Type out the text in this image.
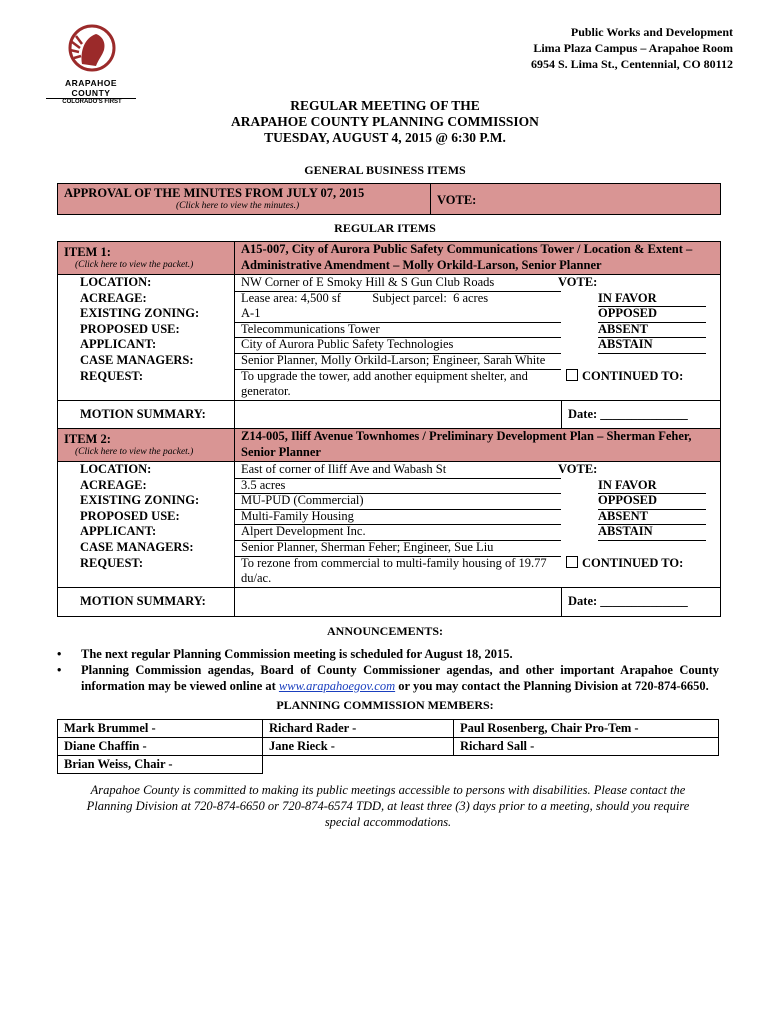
ARAPAHOE COUNTY
COLORADO'S FIRST
Public Works and Development
Lima Plaza Campus – Arapahoe Room
6954 S. Lima St., Centennial, CO 80112
REGULAR MEETING OF THE
ARAPAHOE COUNTY PLANNING COMMISSION
TUESDAY, AUGUST 4, 2015 @ 6:30 P.M.
GENERAL BUSINESS ITEMS
APPROVAL OF THE MINUTES FROM JULY 07, 2015
(Click here to view the minutes.)	VOTE:
REGULAR ITEMS
ITEM 1:
(Click here to view the packet.)
A15-007, City of Aurora Public Safety Communications Tower / Location & Extent – Administrative Amendment – Molly Orkild-Larson, Senior Planner
LOCATION:	NW Corner of E Smoky Hill & S Gun Club Roads	VOTE:
ACREAGE:	Lease area: 4,500 sf          Subject parcel:  6 acres	IN FAVOR
EXISTING ZONING:	A-1	OPPOSED
PROPOSED USE:	Telecommunications Tower	ABSENT
APPLICANT:	City of Aurora Public Safety Technologies	ABSTAIN
CASE MANAGERS:	Senior Planner, Molly Orkild-Larson; Engineer, Sarah White
REQUEST:	To upgrade the tower, add another equipment shelter, and generator.
CONTINUED TO:
MOTION SUMMARY:	Date: ______________
ITEM 2:
(Click here to view the packet.)
Z14-005, Iliff Avenue Townhomes / Preliminary Development Plan – Sherman Feher, Senior Planner
LOCATION:	East of corner of Iliff Ave and Wabash St	VOTE:
ACREAGE:	3.5 acres	IN FAVOR
EXISTING ZONING:	MU-PUD (Commercial)	OPPOSED
PROPOSED USE:	Multi-Family Housing	ABSENT
APPLICANT:	Alpert Development Inc.	ABSTAIN
CASE MANAGERS:	Senior Planner, Sherman Feher; Engineer, Sue Liu
REQUEST:	To rezone from commercial to multi-family housing of 19.77 du/ac.
CONTINUED TO:
MOTION SUMMARY:	Date: ______________
ANNOUNCEMENTS:
• The next regular Planning Commission meeting is scheduled for August 18, 2015.
• Planning Commission agendas, Board of County Commissioner agendas, and other important Arapahoe County information may be viewed online at www.arapahoegov.com or you may contact the Planning Division at 720-874-6650.
PLANNING COMMISSION MEMBERS:
Mark Brummel -	Richard Rader -	Paul Rosenberg, Chair Pro-Tem -
Diane Chaffin -	Jane Rieck -	Richard Sall -
Brian Weiss, Chair -		
Arapahoe County is committed to making its public meetings accessible to persons with disabilities. Please contact the Planning Division at 720-874-6650 or 720-874-6574 TDD, at least three (3) days prior to a meeting, should you require special accommodations.
